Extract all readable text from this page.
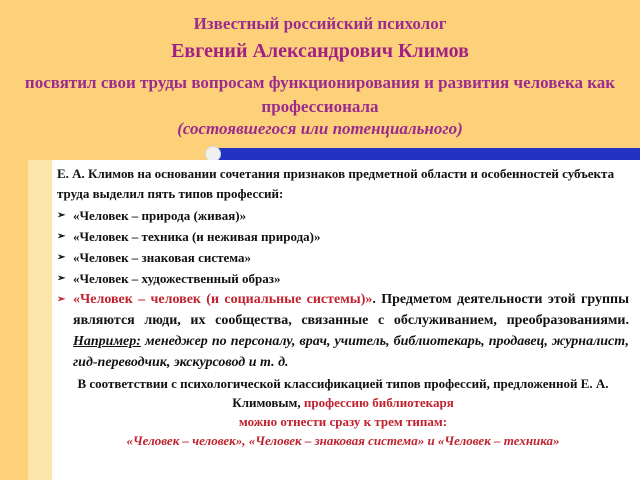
Известный российский психолог
Евгений Александрович Климов
посвятил свои труды вопросам функционирования и развития человека как профессионала
(состоявшегося или потенциального)
Е. А. Климов на основании сочетания признаков предметной области и особенностей субъекта труда выделил пять типов профессий:
➢ «Человек – природа (живая)»
➢ «Человек – техника (и неживая природа)»
➢ «Человек – знаковая система»
➢ «Человек – художественный образ»
➢ «Человек – человек (и социальные системы)». Предметом деятельности этой группы являются люди, их сообщества, связанные с обслуживанием, преобразованиями. Например: менеджер по персоналу, врач, учитель, библиотекарь, продавец, журналист, гид-переводчик, экскурсовод и т. д.
В соответствии с психологической классификацией типов профессий, предложенной Е. А. Климовым, профессию библиотекаря
можно отнести сразу к трем типам:
«Человек – человек», «Человек – знаковая система» и «Человек – техника»
